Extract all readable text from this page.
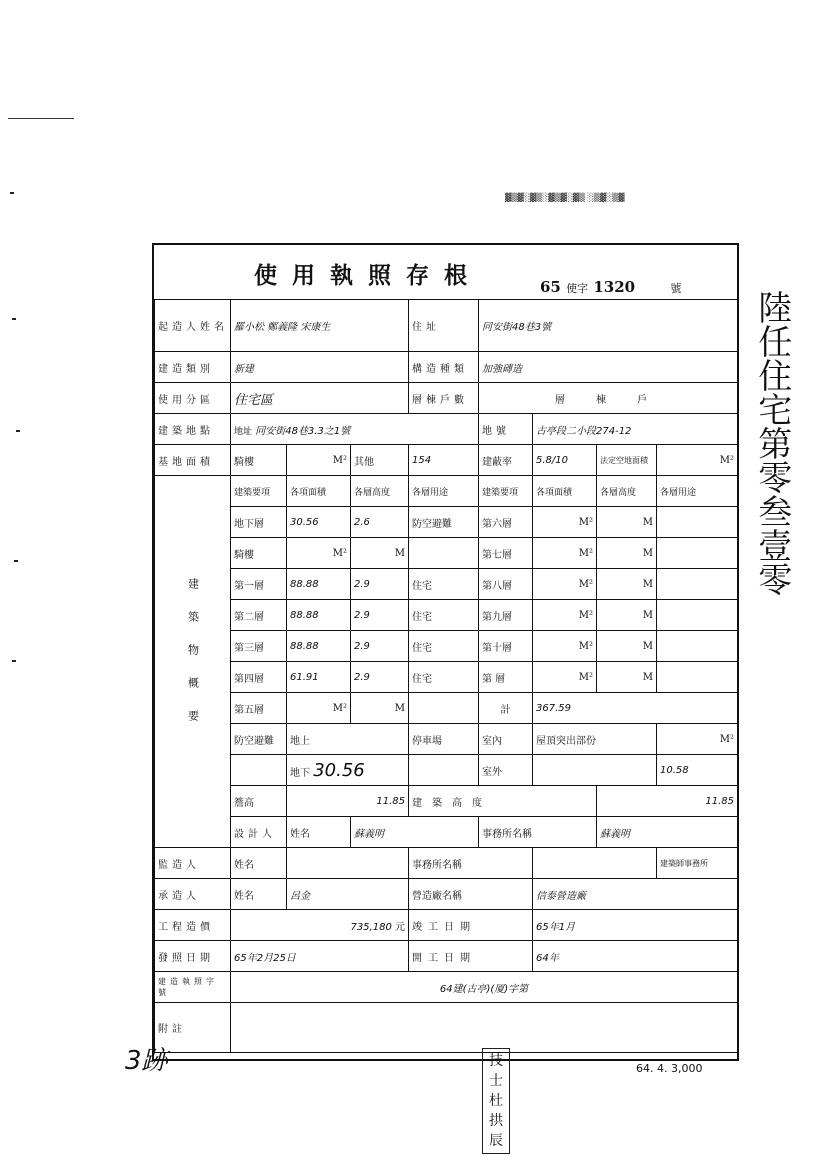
▓▒▓░▓▒░▓▒▓░▓▒ ░▒▓░▒▓
使用執照存根	65 使字 1320	號
起造人姓名	羅小松 鄭義隆 宋康生			住址	同安街48巷3號				
建造類別	新建			構造種類	加強磚造				
使用分區	住宅區			層棟戶數	層 棟 戶				
建築地點	地址 同安街48巷3.3之1號				地號	古亭段二小段274-12			
基地面積	騎樓	M²	其他	154	建蔽率	5.8/10	法定空地面積	M²	
建築物概要	建築要項	各項面積	各層高度	各層用途	建築要項	各項面積	各層高度	各層用途	
	地下層	30.56	2.6	防空避難	第六層	M²	M		
	騎樓	M²	M		第七層	M²	M		
	第一層	88.88	2.9	住宅	第八層	M²	M		
	第二層	88.88	2.9	住宅	第九層	M²	M		
	第三層	88.88	2.9	住宅	第十層	M²	M		
	第四層	61.91	2.9	住宅	第 層	M²	M		
	第五層	M²	M		計	367.59			
	防空避難	地上		停車場	室內	屋頂突出部份		M²	
		地下 30.56			室外			10.58	
	簷高	11.85		建築高度			11.85		
	設計人	姓名	蘇義明		事務所名稱		蘇義明	
監造人	姓名			事務所名稱				建築師事務所	
承造人	姓名	呂金		營造廠名稱		信泰營造廠			
工程造價	735,180 元			竣工日期		65年1月			
發照日期	65年2月25日			開工日期		64年			
建造執照字號	64建(古亭)(厦)字第								
附註									
陸任住宅第零叁壹零
64. 4. 3,000
技士杜拱辰
3跡
